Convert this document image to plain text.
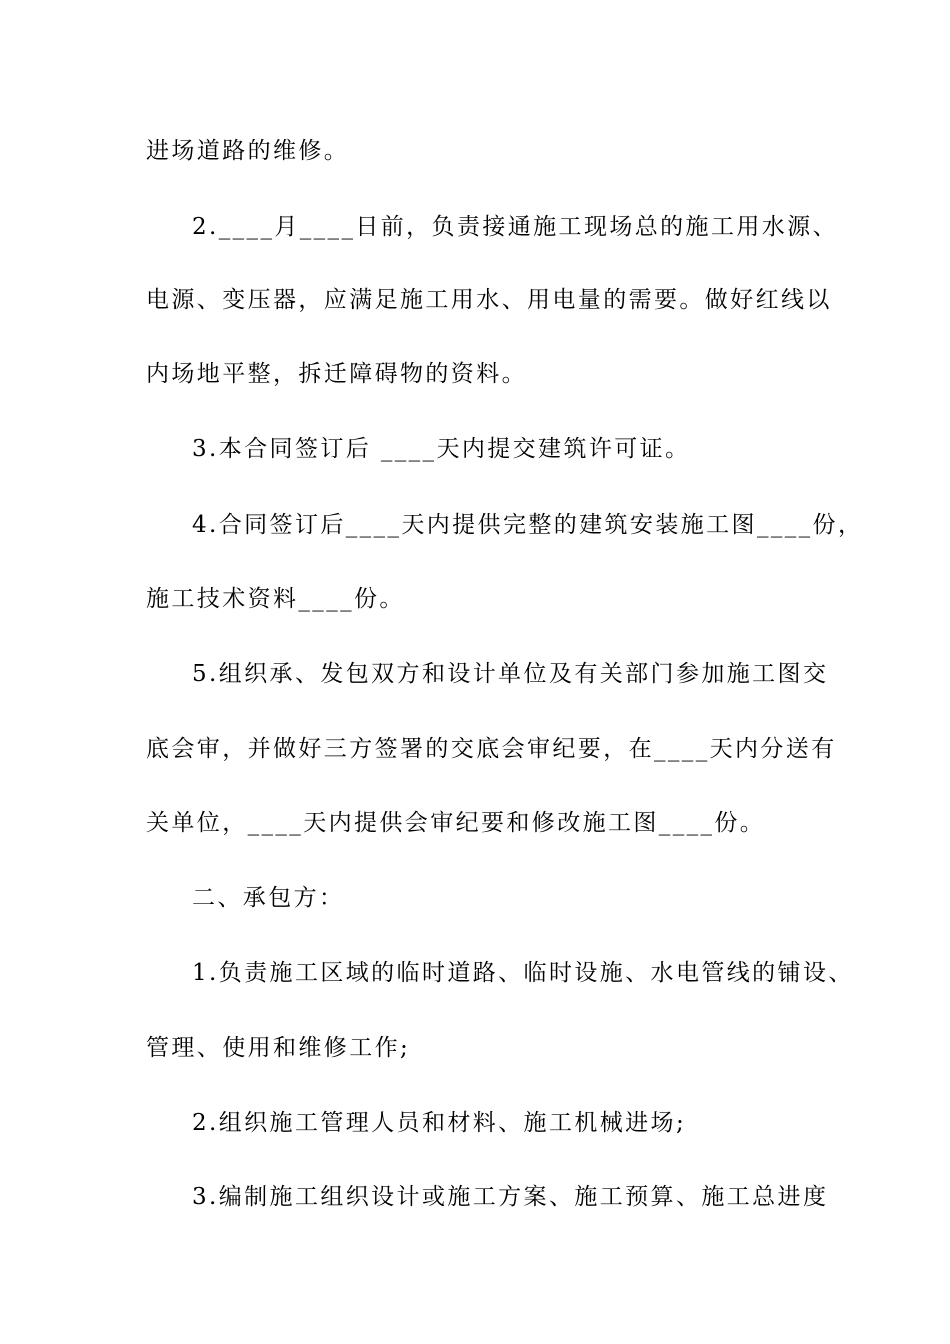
进场道路的维修。
2.____月____日前，负责接通施工现场总的施工用水源、
电源、变压器，应满足施工用水、用电量的需要。做好红线以
内场地平整，拆迁障碍物的资料。
3.本合同签订后 ____天内提交建筑许可证。
4.合同签订后____天内提供完整的建筑安装施工图____份，
施工技术资料____份。
5.组织承、发包双方和设计单位及有关部门参加施工图交
底会审，并做好三方签署的交底会审纪要，在____天内分送有
关单位，____天内提供会审纪要和修改施工图____份。
二、承包方：
1.负责施工区域的临时道路、临时设施、水电管线的铺设、
管理、使用和维修工作;
2.组织施工管理人员和材料、施工机械进场;
3.编制施工组织设计或施工方案、施工预算、施工总进度
